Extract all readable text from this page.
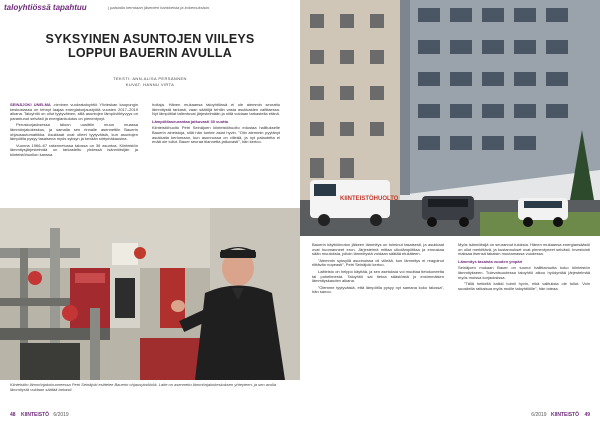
taloyhtiössä tapahtuu	| palstalla kerrotaan jäsenten hankkeista ja kokemuksista
SYKSYINEN ASUNTOJEN VIILEYS
LOPPUI BAUERIN AVULLA
TEKSTI: ANN-ALISA PERSÄNNEN
KUVAT: HANNU VIRTA

SEINÄJOKI UNELMA -niminen vuokrataloyhtiö Ylivieskan kaupungin keskustassa on tehnyt laajaa energiakorjaustyötä vuosien 2017–2019 aikana. Taloyhtiö on ollut tyytyväinen, sillä asuntojen lämpöviihtyvyys on parantunut selvästi ja energiankulutus on pienentynyt.

Peruskorjauksessa taloon uusittiin muun muassa lämmönjakokeskus, ja samalla sen rinnalle asennettiin Bauerin ohjausautomatiikka. Asukkaat ovat olleet tyytyväisiä, kun asuntojen lämpötila pysyy tasaisena myös syksyn ja kevään siirtymäkausina.

Vuonna 1966–67 rakennetussa talossa on 36 asuntoa. Kiinteistön lämmitysjärjestelmää on tarkasteltu yhdessä isännöitsijän ja kiinteistöhuollon kanssa.

hoitaja. Hänen mukaansa taloyhtiössä ei ole aiemmin seurattu lämmitystä tarkasti, vaan säätöjä tehtiin vasta asukkaiden valittaessa. Nyt lämpötilat tallentuvat järjestelmään ja niitä voidaan tarkastella etänä.

Lämpötilaseurantaa jatkuvasti 30 vuotta

Kiinteistöhuolto Petri Seinäjoen kiinteistöhuolto edustaa hallitukselle Bauerin aineistoja, sillä hän tuntee asiat hyvin. ”Olin aiemmin pyytänyt asukkaita kertomaan, kun asunnossa on viileää, ja nyt palautetta ei enää ole tullut. Bauer seuraa tilannetta jatkuvasti”, hän kertoo.

Kiinteistön lämmönjakohuoneessa Petri Seinäjoki esittelee Bauerin ohjausyksikköä. Laite on asennettu lämmönjakokeskuksen yhteyteen, ja sen avulla lämmitystä voidaan säätää tarkasti.
48 KIINTEISTÖ 6/2019
KIINTEISTÖHUOLTO

Bauerin käyttöönoton jälkeen lämmitys on toiminut tasaisesti, ja asukkaat ovat huomanneet eron. Järjestelmä mittaa ulkolämpötilaa ja ennustaa sään muutoksia, jolloin lämmitystä voidaan säätää etukäteen.

”Aiemmin syksyllä asunnoissa oli viileää, kun lämmitys ei reagoinut riittävän nopeasti”, Petri Seinäjoki kertoo.

Laitteisto on helppo käyttää, ja sen asetuksia voi muuttaa tietokoneelta tai puhelimesta. Taloyhtiö sai tietoa säästöistä jo ensimmäisen lämmityskauden aikana.

”Olemme tyytyväisiä, että lämpötila pysyy nyt samana koko talossa”, hän sanoo.

Myös isännöitsijä on seurannut tuloksia. Hänen mukaansa energiansäästö on ollut merkittävä, ja kustannukset ovat pienentyneet selvästi. Investointi maksaa itsensä takaisin muutamassa vuodessa.

Lämmitys tasaista vuoden ympäri

Seinäjoen mukaan Bauer on tuonut hallittavuutta koko kiinteistön lämmitykseen. Tulevaisuudessa taloyhtiö aikoo hyödyntää järjestelmää myös muissa korjauksissa.

”Tällä hetkellä kaikki toimii hyvin, eikä valituksia ole tullut. Voin suositella ratkaisua myös muille taloyhtiöille”, hän toteaa.

6/2019 KIINTEISTÖ 49
